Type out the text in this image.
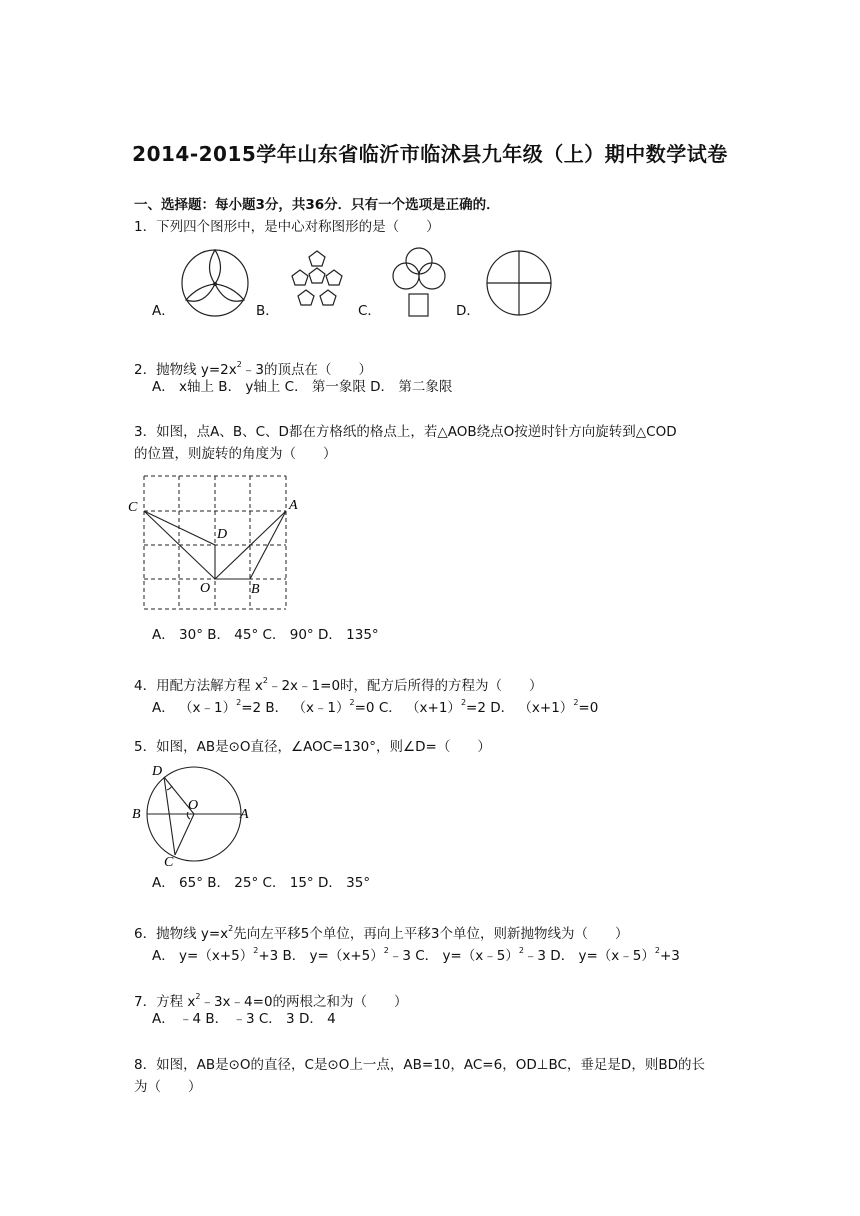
2014-2015学年山东省临沂市临沭县九年级（上）期中数学试卷
一、选择题：每小题3分，共36分．只有一个选项是正确的．
1．下列四个图形中，是中心对称图形的是（　　）
A．	B．	C．	D．
2．抛物线 $y=2x^2﹣3$的顶点在（　　）
A． x轴上 B． y轴上 C． 第一象限 D． 第二象限
3．如图，点A、B、C、D都在方格纸的格点上，若△AOB绕点O按逆时针方向旋转到△COD
的位置，则旋转的角度为（　　）
C	A
D
O	B
A． 30° B． 45° C． 90° D． 135°
4．用配方法解方程 $x^2﹣2x﹣1=0$时，配方后所得的方程为（　　）
A． （x﹣1）$^2$=2 B． （x﹣1）$^2$=0 C． $(x+1)^2=2$ D． $(x+1)^2=0$
5．如图，AB是⊙O直径，∠AOC=130°，则∠D=（　　）
D
B
O
A
C
A． 65° B． 25° C． 15° D． 35°
6．抛物线 $y=x^2$先向左平移5个单位，再向上平移3个单位，则新抛物线为（　　）
A． $y=(x+5)^2+3$ B． $y=(x+5)^2﹣3$ C． y=（x﹣5）$^2$﹣3 D． y=（x﹣5）$^2$+3
7．方程 $x^2﹣3x﹣4=0$的两根之和为（　　）
A． ﹣4 B． ﹣3 C． 3 D． 4
8．如图，AB是⊙O的直径，C是⊙O上一点，AB=10，AC=6，OD⊥BC，垂足是D，则BD的长
为（　　）
